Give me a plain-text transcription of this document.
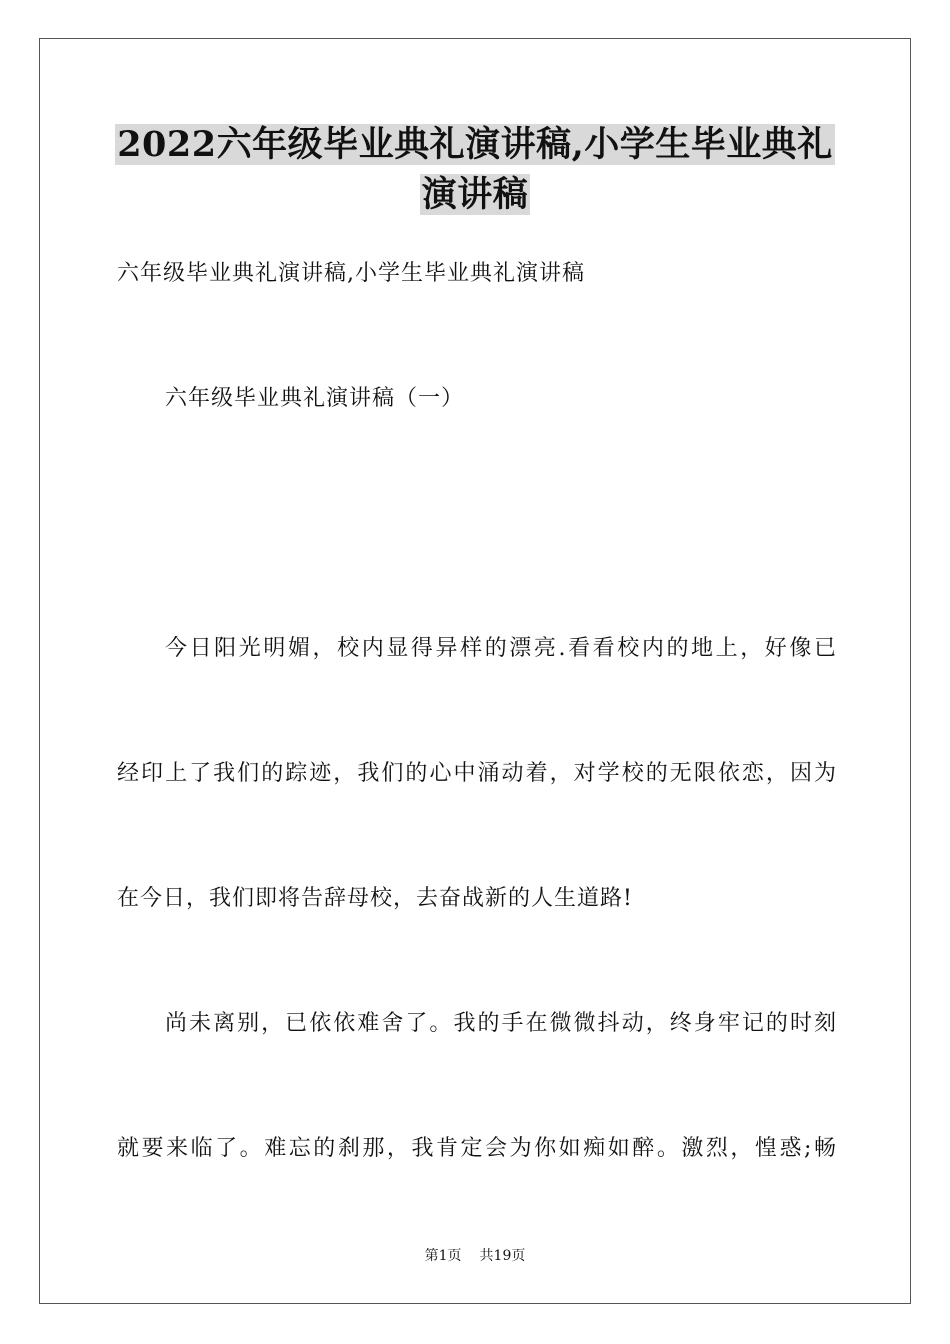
2022六年级毕业典礼演讲稿,小学生毕业典礼
演讲稿
六年级毕业典礼演讲稿,小学生毕业典礼演讲稿
六年级毕业典礼演讲稿（一）
今日阳光明媚，校内显得异样的漂亮.看看校内的地上，好像已
经印上了我们的踪迹，我们的心中涌动着，对学校的无限依恋，因为
在今日，我们即将告辞母校，去奋战新的人生道路!
尚未离别，已依依难舍了。我的手在微微抖动，终身牢记的时刻
就要来临了。难忘的刹那，我肯定会为你如痴如醉。激烈，惶惑;畅
第1页 共19页
